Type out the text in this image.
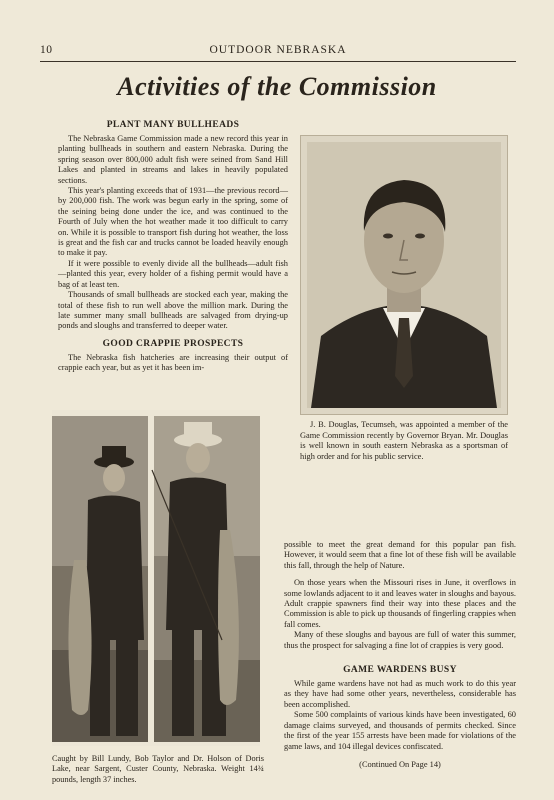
10	OUTDOOR NEBRASKA
Activities of the Commission
PLANT MANY BULLHEADS

The Nebraska Game Commission made a new record this year in planting bullheads in southern and eastern Nebraska. During the spring season over 800,000 adult fish were seined from Sand Hill Lakes and planted in streams and lakes in heavily populated sections.

This year's planting exceeds that of 1931—the previous record—by 200,000 fish. The work was begun early in the spring, some of the seining being done under the ice, and was continued to the Fourth of July when the hot weather made it too difficult to carry on. While it is possible to transport fish during hot weather, the loss is great and the fish car and trucks cannot be loaded heavily enough to make it pay.

If it were possible to evenly divide all the bullheads—adult fish—planted this year, every holder of a fishing permit would have a bag of at least ten.

Thousands of small bullheads are stocked each year, making the total of these fish to run well above the million mark. During the late summer many small bullheads are salvaged from drying-up ponds and sloughs and transferred to deeper water.

GOOD CRAPPIE PROSPECTS

The Nebraska fish hatcheries are increasing their output of crappie each year, but as yet it has been im-

J. B. Douglas, Tecumseh, was appointed a member of the Game Commission recently by Governor Bryan. Mr. Douglas is well known in south eastern Nebraska as a sportsman of high order and for his public service.
Caught by Bill Lundy, Bob Taylor and Dr. Holson of Doris Lake, near Sargent, Custer County, Nebraska. Weight 14¾ pounds, length 37 inches.

possible to meet the great demand for this popular pan fish. However, it would seem that a fine lot of these fish will be available this fall, through the help of Nature.

On those years when the Missouri rises in June, it overflows in some lowlands adjacent to it and leaves water in sloughs and bayous. Adult crappie spawners find their way into these places and the Commission is able to pick up thousands of fingerling crappies when fall comes.

Many of these sloughs and bayous are full of water this summer, thus the prospect for salvaging a fine lot of crappies is very good.

GAME WARDENS BUSY

While game wardens have not had as much work to do this year as they have had some other years, nevertheless, considerable has been accomplished.

Some 500 complaints of various kinds have been investigated, 60 damage claims surveyed, and thousands of permits checked. Since the first of the year 155 arrests have been made for violations of the game laws, and 104 illegal devices confiscated.

(Continued On Page 14)
